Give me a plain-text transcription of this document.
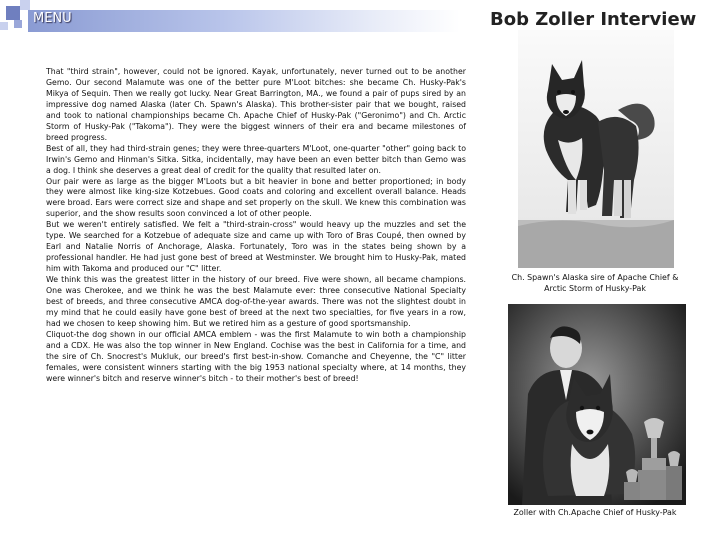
MENU	Bob Zoller Interview

That "third strain", however, could not be ignored. Kayak, unfortunately, never turned out to be another Gemo. Our second Malamute was one of the better pure M'Loot bitches: she became Ch. Husky-Pak's Mikya of Sequin. Then we really got lucky. Near Great Barrington, MA., we found a pair of pups sired by an impressive dog named Alaska (later Ch. Spawn's Alaska). This brother-sister pair that we bought, raised and took to national championships became Ch. Apache Chief of Husky-Pak ("Geronimo") and Ch. Arctic Storm of Husky-Pak ("Takoma"). They were the biggest winners of their era and became milestones of breed progress.

Best of all, they had third-strain genes; they were three-quarters M'Loot, one-quarter "other" going back to Irwin's Gemo and Hinman's Sitka. Sitka, incidentally, may have been an even better bitch than Gemo was a dog. I think she deserves a great deal of credit for the quality that resulted later on.

Our pair were as large as the bigger M'Loots but a bit heavier in bone and better proportioned; in body they were almost like king-size Kotzebues. Good coats and coloring and excellent overall balance. Heads were broad. Ears were correct size and shape and set properly on the skull. We knew this combination was superior, and the show results soon convinced a lot of other people.

But we weren't entirely satisfied. We felt a "third-strain-cross" would heavy up the muzzles and set the type. We searched for a Kotzebue of adequate size and came up with Toro of Bras Coupé, then owned by Earl and Natalie Norris of Anchorage, Alaska. Fortunately, Toro was in the states being shown by a professional handler. He had just gone best of breed at Westminster. We brought him to Husky-Pak, mated him with Takoma and produced our "C" litter.

We think this was the greatest litter in the history of our breed. Five were shown, all became champions. One was Cherokee, and we think he was the best Malamute ever: three consecutive National Specialty best of breeds, and three consecutive AMCA dog-of-the-year awards. There was not the slightest doubt in my mind that he could easily have gone best of breed at the next two specialties, for five years in a row, had we chosen to keep showing him. But we retired him as a gesture of good sportsmanship.

Cliquot-the dog shown in our official AMCA emblem - was the first Malamute to win both a championship and a CDX. He was also the top winner in New England. Cochise was the best in California for a time, and the sire of Ch. Snocrest's Mukluk, our breed's first best-in-show. Comanche and Cheyenne, the "C" litter females, were consistent winners starting with the big 1953 national specialty where, at 14 months, they were winner's bitch and reserve winner's bitch - to their mother's best of breed!

Ch. Spawn's Alaska sire of Apache Chief & Arctic Storm of Husky-Pak
Zoller with Ch.Apache Chief of Husky-Pak
